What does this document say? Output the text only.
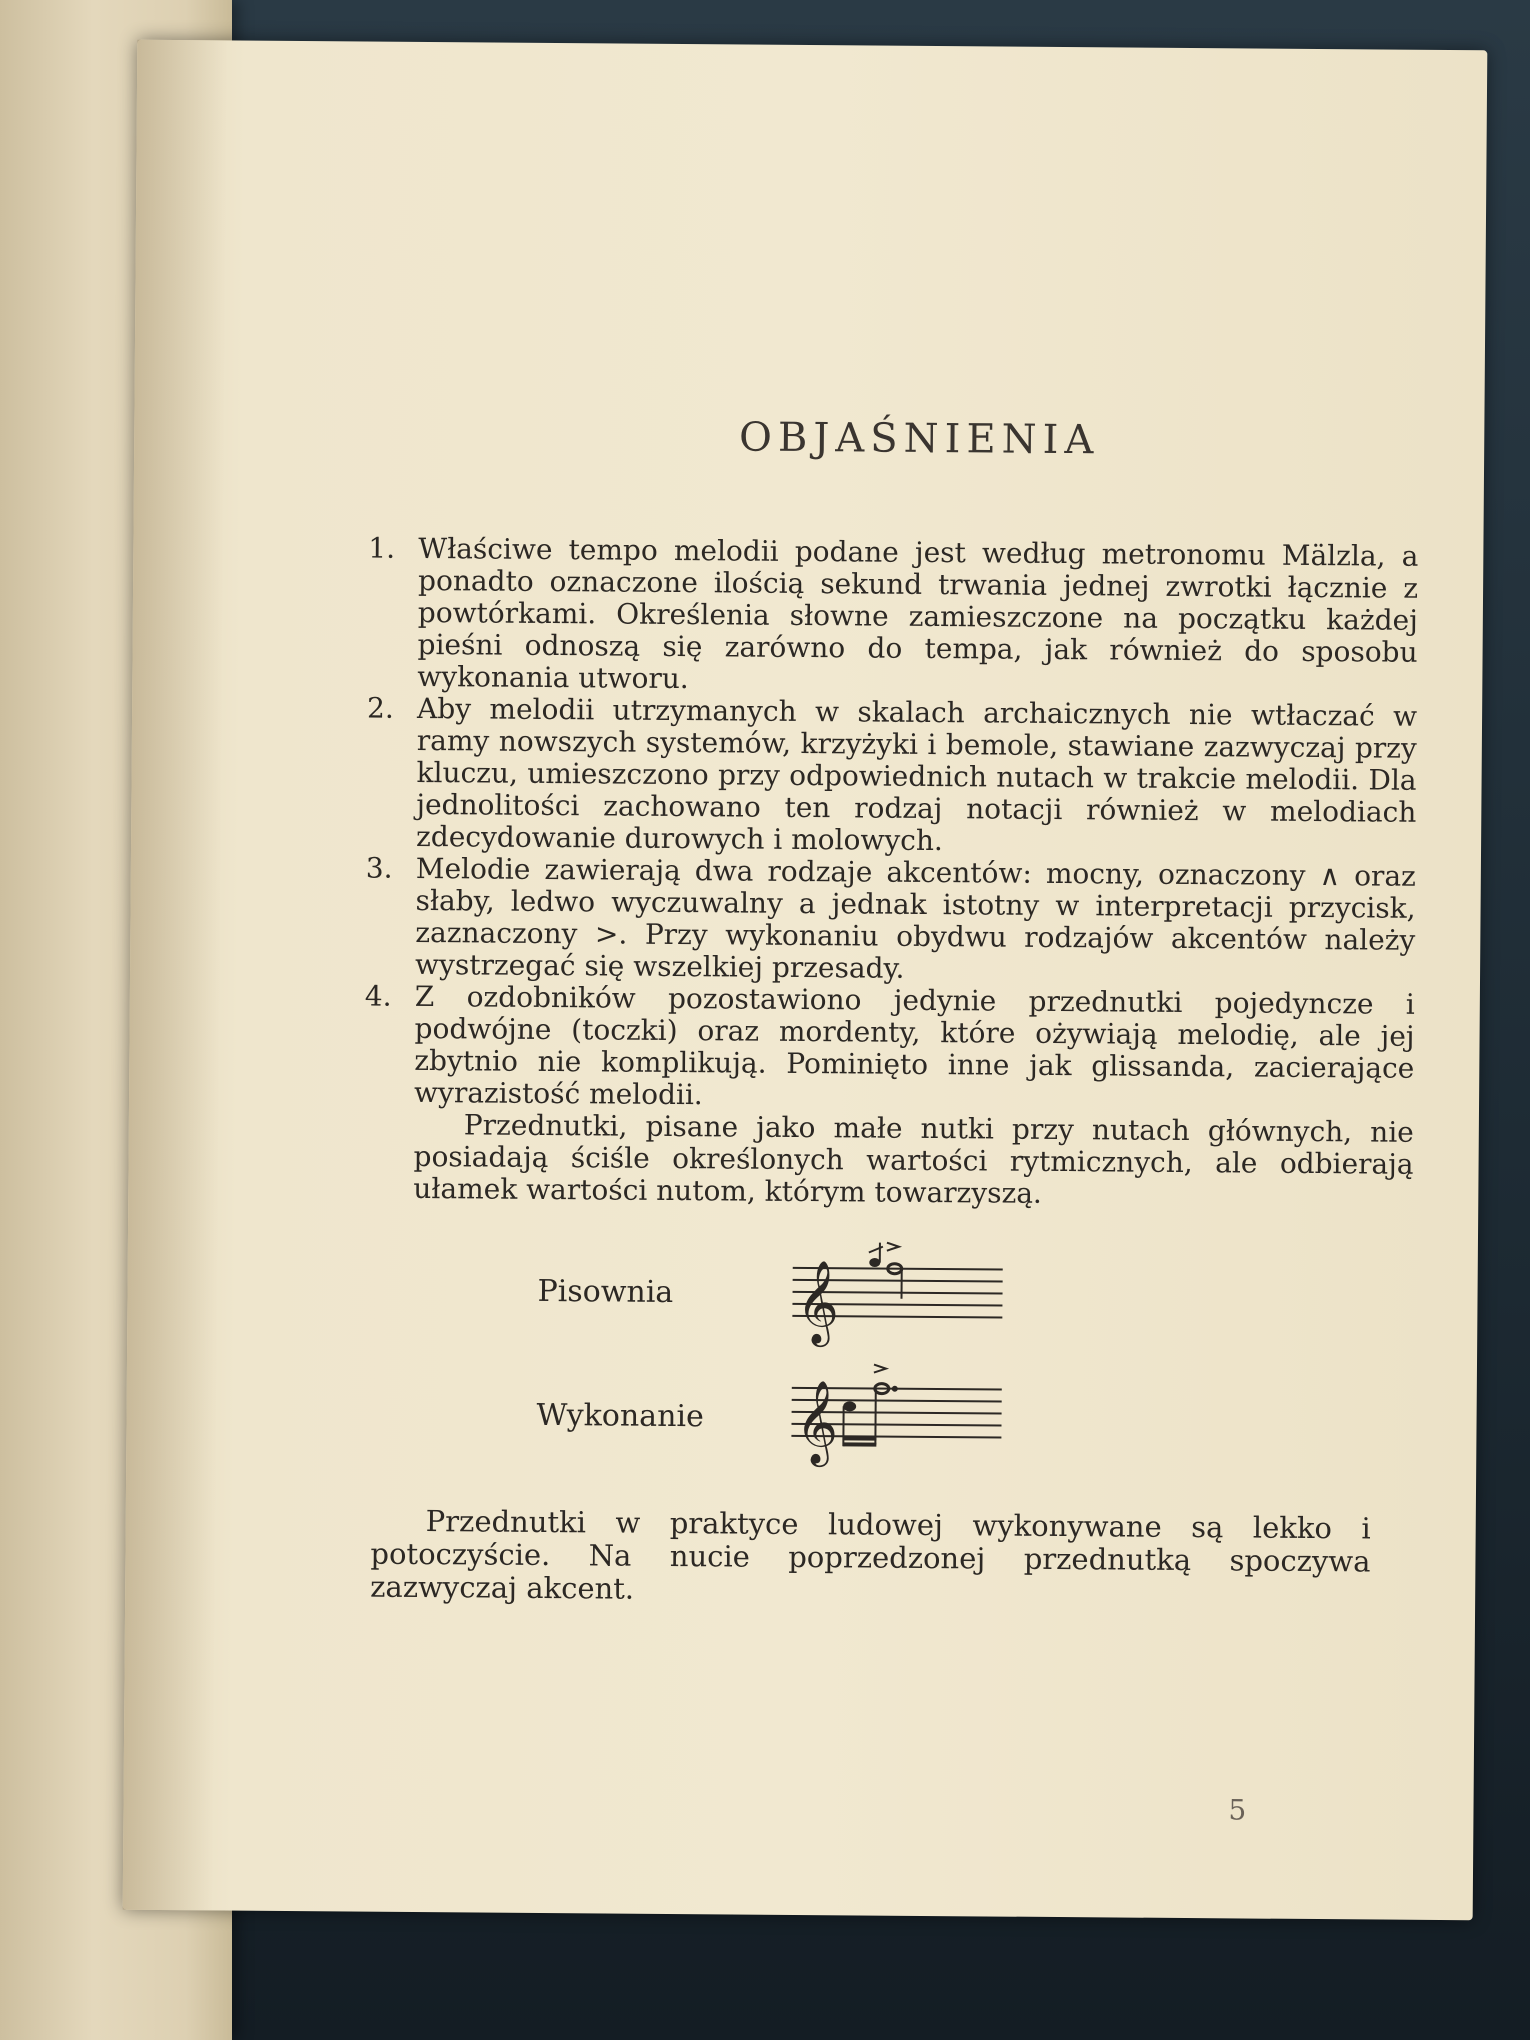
OBJAŚNIENIA
1. Właściwe tempo melodii podane jest według metronomu Mälzla, a ponadto oznaczone ilością sekund trwania jednej zwrotki łącznie z powtórkami. Określenia słowne zamieszczone na początku każdej pieśni odnoszą się zarówno do tempa, jak również do sposobu wykonania utworu.
2. Aby melodii utrzymanych w skalach archaicznych nie wtłaczać w ramy nowszych systemów, krzyżyki i bemole, stawiane zazwyczaj przy kluczu, umieszczono przy odpowiednich nutach w trakcie melodii. Dla jednolitości zachowano ten rodzaj notacji również w melodiach zdecydowanie durowych i molowych.
3. Melodie zawierają dwa rodzaje akcentów: mocny, oznaczony ∧ oraz słaby, ledwo wyczuwalny a jednak istotny w interpretacji przycisk, zaznaczony >. Przy wykonaniu obydwu rodzajów akcentów należy wystrzegać się wszelkiej przesady.
4. Z ozdobników pozostawiono jedynie przednutki pojedyncze i podwójne (toczki) oraz mordenty, które ożywiają melodię, ale jej zbytnio nie komplikują. Pominięto inne jak glissanda, zacierające wyrazistość melodii.
Przednutki, pisane jako małe nutki przy nutach głównych, nie posiadają ściśle określonych wartości rytmicznych, ale odbierają ułamek wartości nutom, którym towarzyszą.
Pisownia 𝄞
Wykonanie 𝄞
Przednutki w praktyce ludowej wykonywane są lekko i potoczyście. Na nucie poprzedzonej przednutką spoczywa zazwyczaj akcent.
5
